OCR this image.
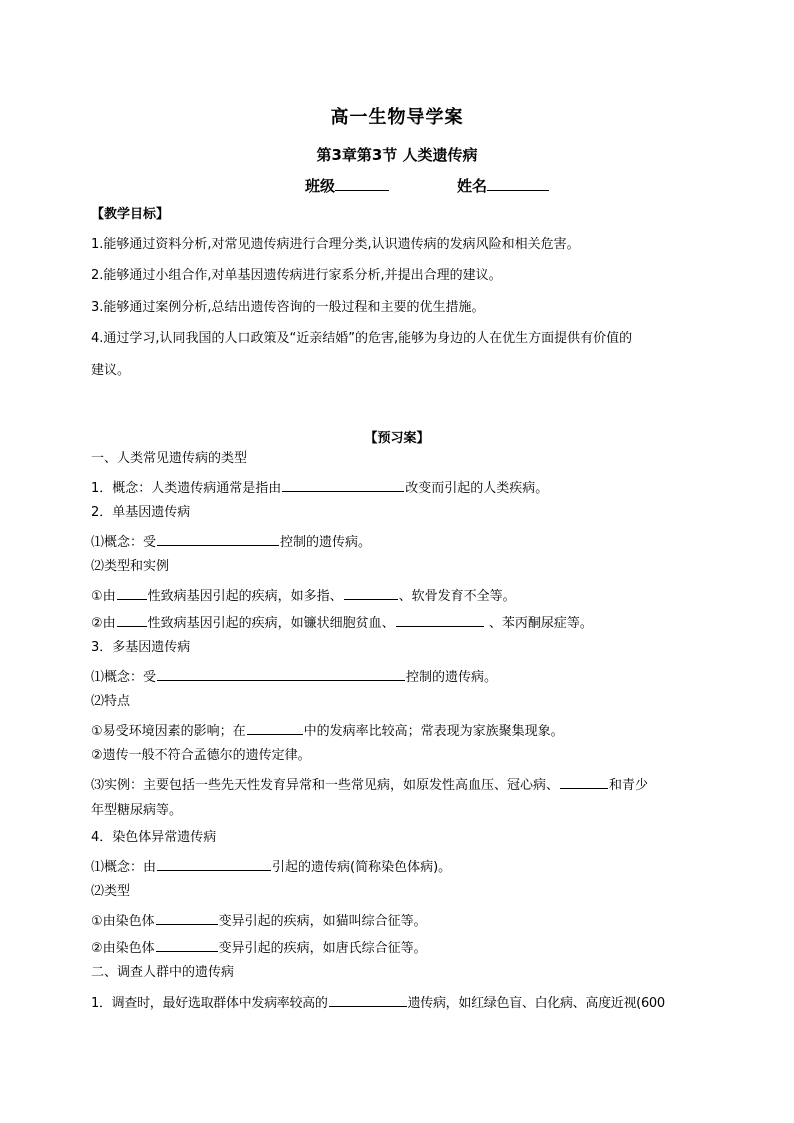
高一生物导学案
第3章第3节 人类遗传病
班级	姓名
【教学目标】
1.能够通过资料分析,对常见遗传病进行合理分类,认识遗传病的发病风险和相关危害。
2.能够通过小组合作,对单基因遗传病进行家系分析,并提出合理的建议。
3.能够通过案例分析,总结出遗传咨询的一般过程和主要的优生措施。
4.通过学习,认同我国的人口政策及“近亲结婚”的危害,能够为身边的人在优生方面提供有价值的
建议。
【预习案】
一、人类常见遗传病的类型
1．概念：人类遗传病通常是指由	改变而引起的人类疾病。
2．单基因遗传病
⑴概念：受	控制的遗传病。
⑵类型和实例
①由 性致病基因引起的疾病，如多指、	、软骨发育不全等。
②由 性致病基因引起的疾病，如镰状细胞贫血、	、苯丙酮尿症等。
3．多基因遗传病
⑴概念：受	控制的遗传病。
⑵特点
①易受环境因素的影响；在	中的发病率比较高；常表现为家族聚集现象。
②遗传一般不符合孟德尔的遗传定律。
⑶实例：主要包括一些先天性发育异常和一些常见病，如原发性高血压、冠心病、	和青少
年型糖尿病等。
4．染色体异常遗传病
⑴概念：由	引起的遗传病(简称染色体病)。
⑵类型
①由染色体	变异引起的疾病，如猫叫综合征等。
②由染色体	变异引起的疾病，如唐氏综合征等。
二、调查人群中的遗传病
1．调查时，最好选取群体中发病率较高的	遗传病，如红绿色盲、白化病、高度近视(600
